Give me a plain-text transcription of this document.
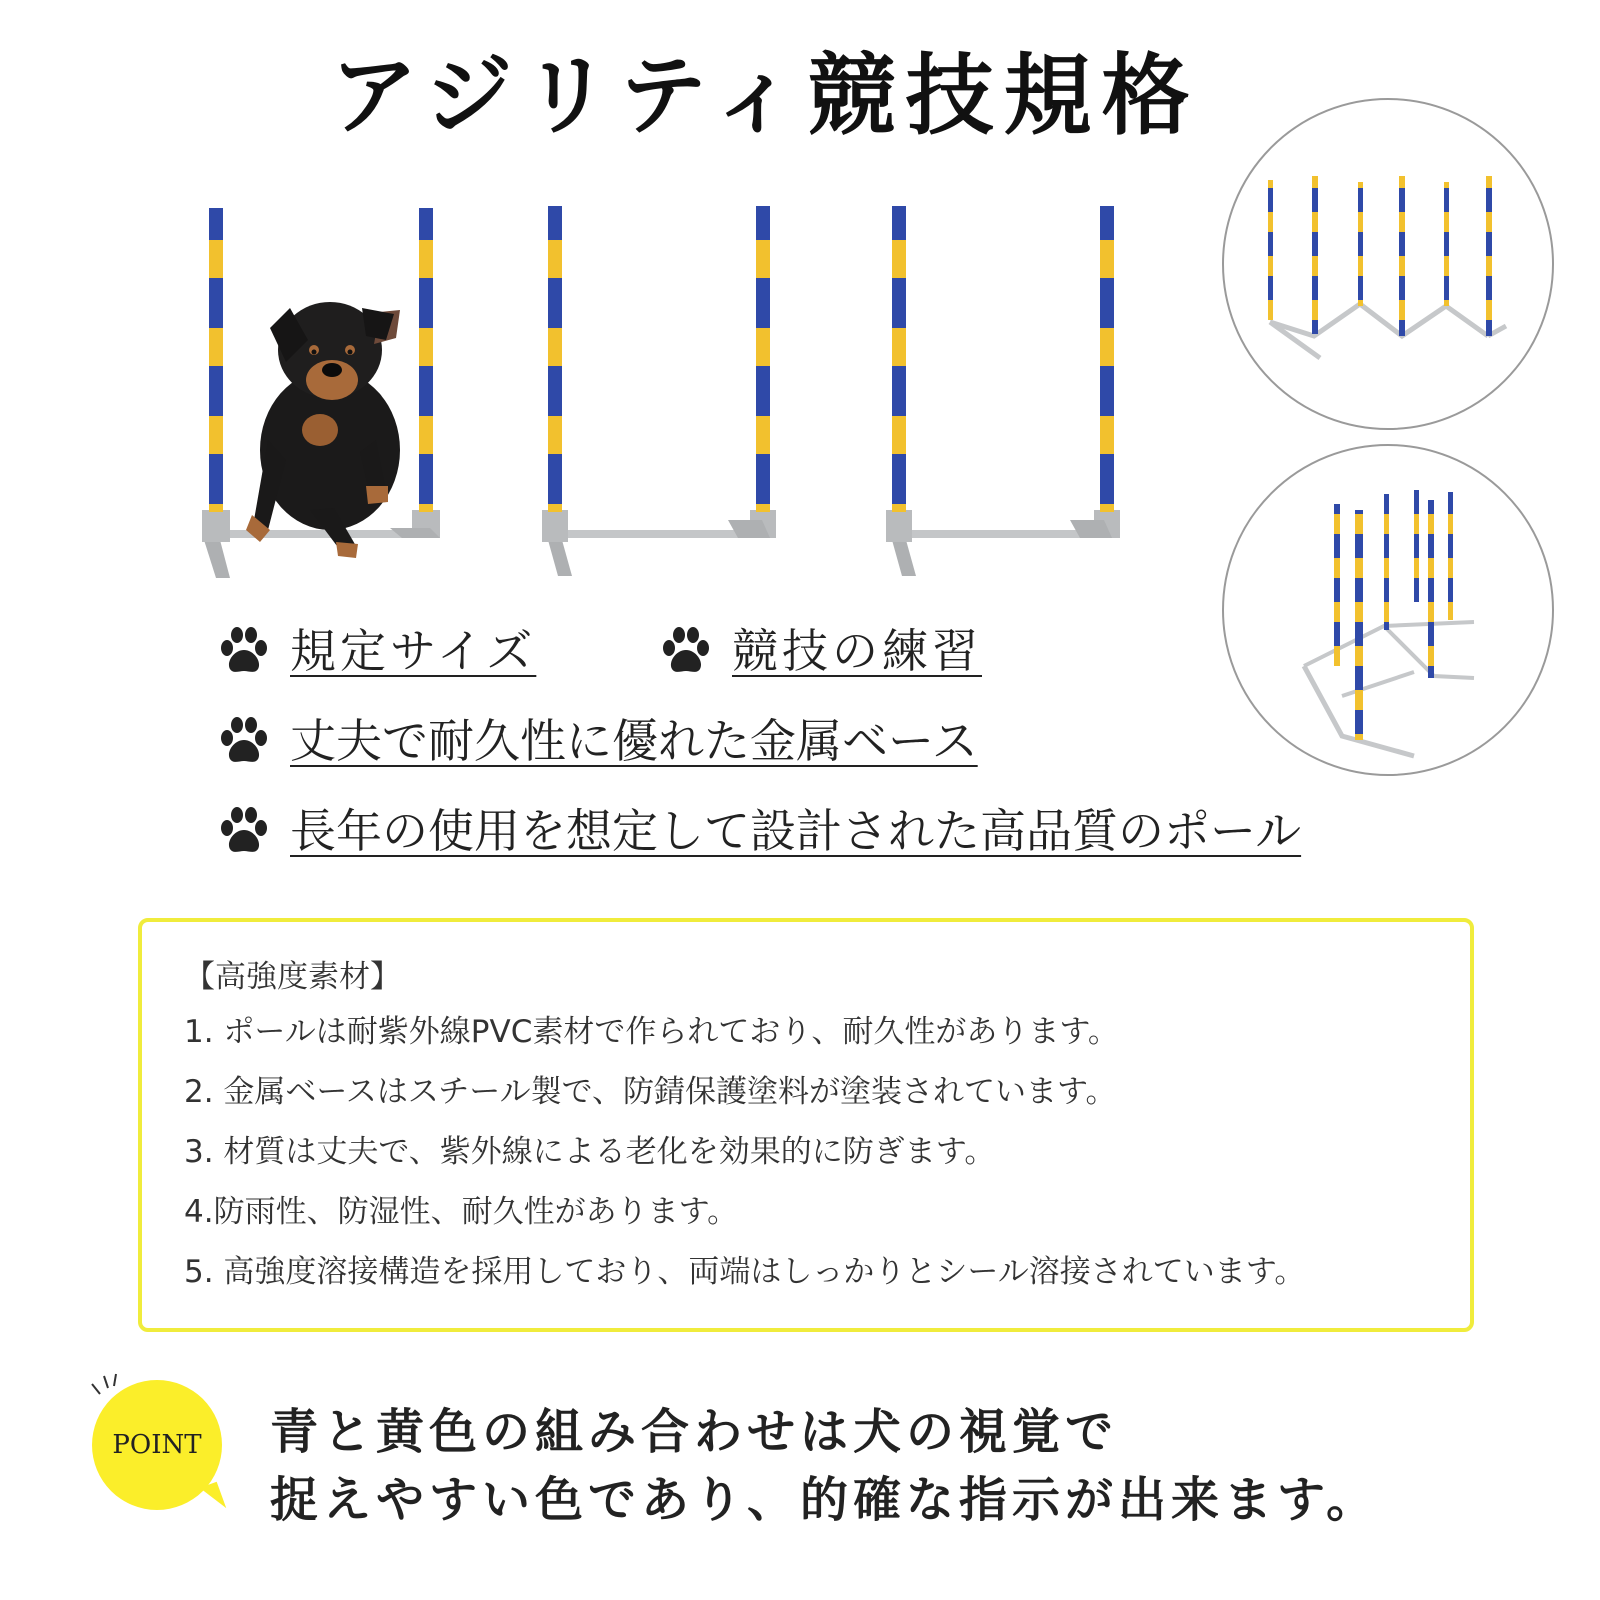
アジリティ競技規格
規定サイズ	競技の練習
丈夫で耐久性に優れた金属ベース
長年の使用を想定して設計された高品質のポール
【高強度素材】
1. ポールは耐紫外線PVC素材で作られており、耐久性があります。
2. 金属ベースはスチール製で、防錆保護塗料が塗装されています。
3. 材質は丈夫で、紫外線による老化を効果的に防ぎます。
4.防雨性、防湿性、耐久性があります。
5. 高強度溶接構造を採用しており、両端はしっかりとシール溶接されています。
POINT 青と黄色の組み合わせは犬の視覚で
捉えやすい色であり、的確な指示が出来ます。
